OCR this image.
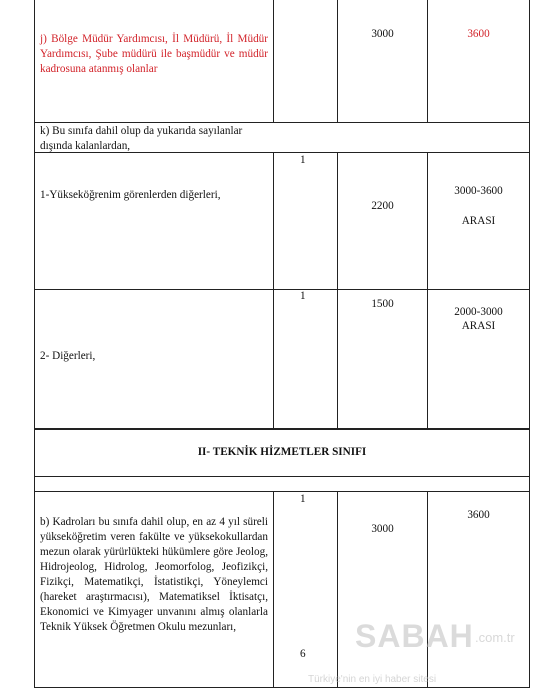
j) Bölge Müdür Yardımcısı, İl Müdürü, İl Müdür Yardımcısı, Şube müdürü ile başmüdür ve müdür kadrosuna atanmış olanlar
3000	3600
k) Bu sınıfa dahil olup da yukarıda sayılanlar dışında kalanlardan,
1
1-Yükseköğrenim görenlerden diğerleri,
2200
3000-3600
ARASI
1
1500
2000-3000
ARASI
2- Diğerleri,
II- TEKNİK HİZMETLER SINIFI
1
3000
3600
b) Kadroları bu sınıfa dahil olup, en az 4 yıl süreli yükseköğretim veren fakülte ve yüksekokullardan mezun olarak yürürlükteki hükümlere göre Jeolog, Hidrojeolog, Hidrolog, Jeomorfolog, Jeofizikçi, Fizikçi, Matematikçi, İstatistikçi, Yöneylemci (hareket araştırmacısı), Matematiksel İktisatçı, Ekonomici ve Kimyager unvanını almış olanlarla Teknik Yüksek Öğretmen Okulu mezunları,
6 SABAH .com.tr
Türkiye'nin en iyi haber sitesi
